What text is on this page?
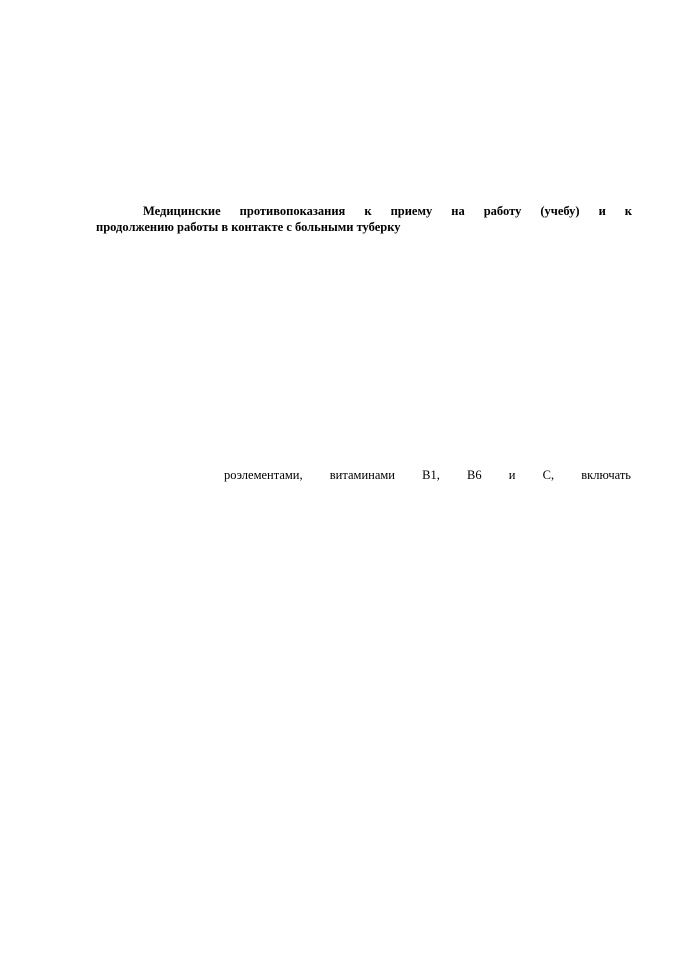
Медицинские противопоказания к приему на работу (учебу) и к
продолжению работы в контакте с больными туберку

роэлементами, витаминами В1, В6 и С, включать
